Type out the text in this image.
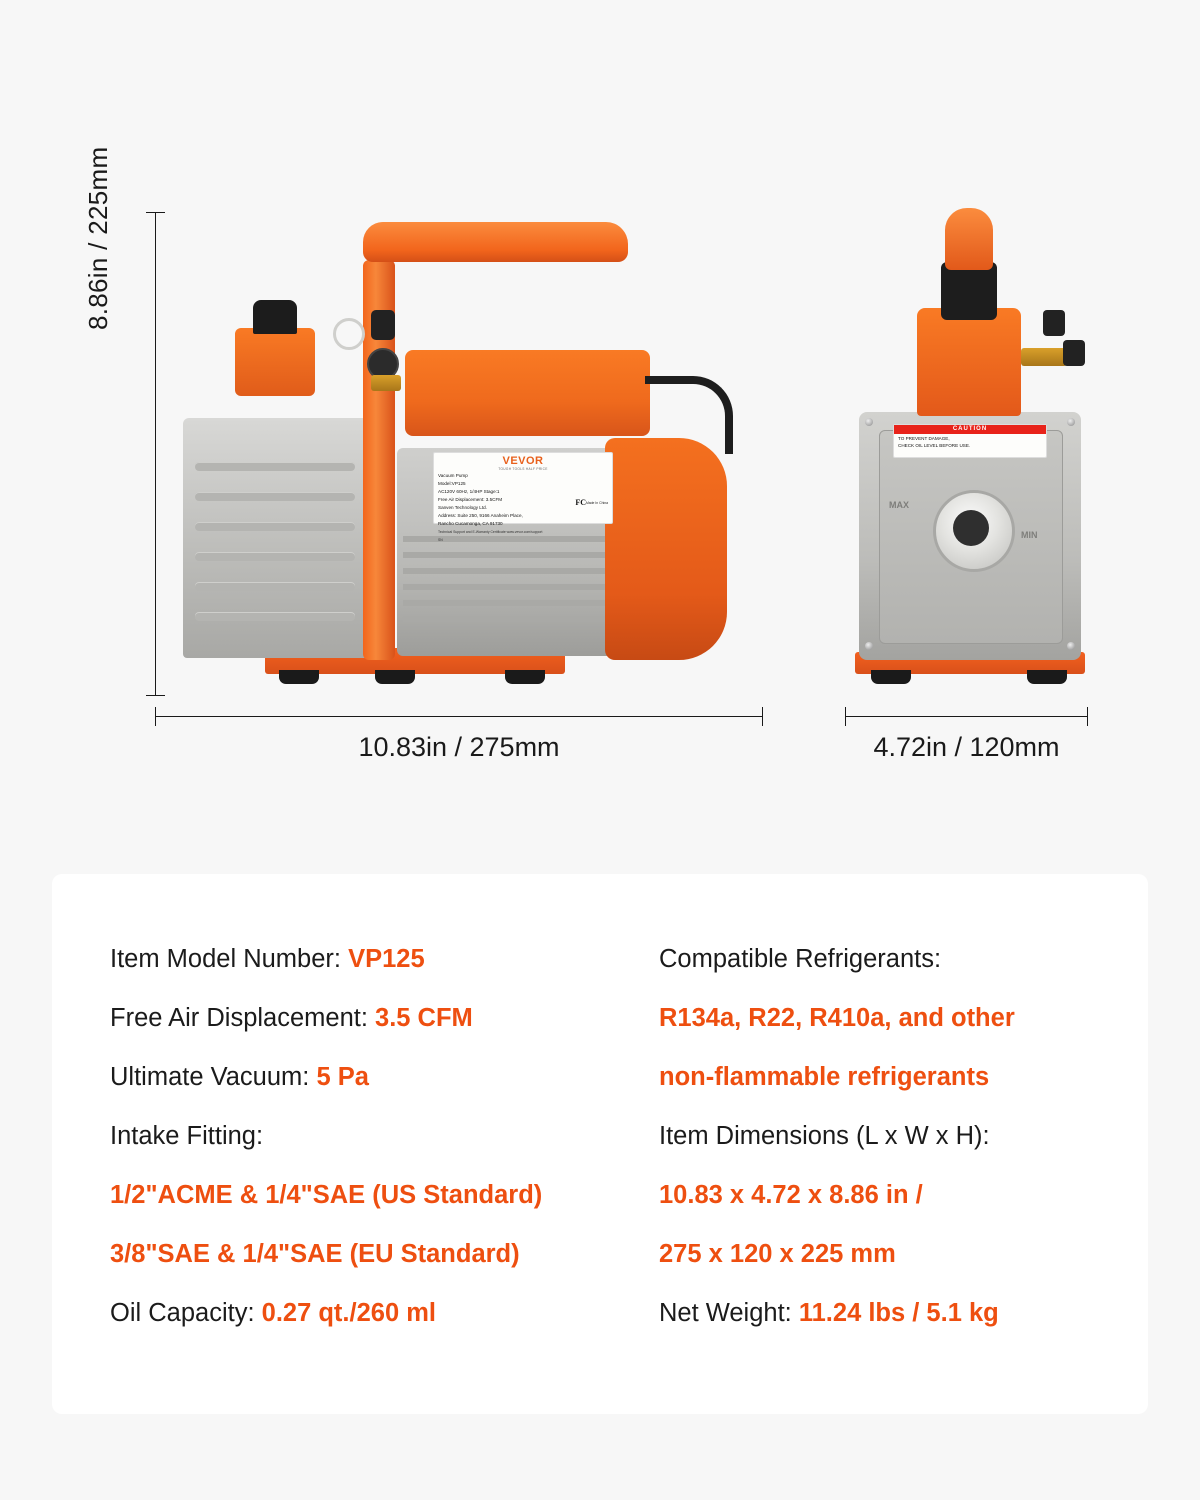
8.86in / 225mm
VEVOR
TOUGH TOOLS HALF PRICE
Vacuum Pump
Model:VP125
AC120V 60Hz, 1/4HP Stage:1
Free Air Displacement: 3.5CFM
Sanven Technology Ltd.
Address: Suite 250, 9166 Anaheim Place,
Rancho Cucamonga, CA 91730
Technical Support and E-Warranty Certificate www.vevor.com/support
SN
FC Made In China	MAX
MIN
CAUTION
TO PREVENT DAMAGE,
CHECK OIL LEVEL BEFORE USE.
10.83in / 275mm	4.72in / 120mm
Item Model Number: VP125
Free Air Displacement: 3.5 CFM
Ultimate Vacuum: 5 Pa
Intake Fitting:
1/2"ACME & 1/4"SAE (US Standard)
3/8"SAE & 1/4"SAE (EU Standard)
Oil Capacity: 0.27 qt./260 ml
Compatible Refrigerants:
R134a, R22, R410a, and other
non-flammable refrigerants
Item Dimensions (L x W x H):
10.83 x 4.72 x 8.86 in /
275 x 120 x 225 mm
Net Weight: 11.24 lbs / 5.1 kg
